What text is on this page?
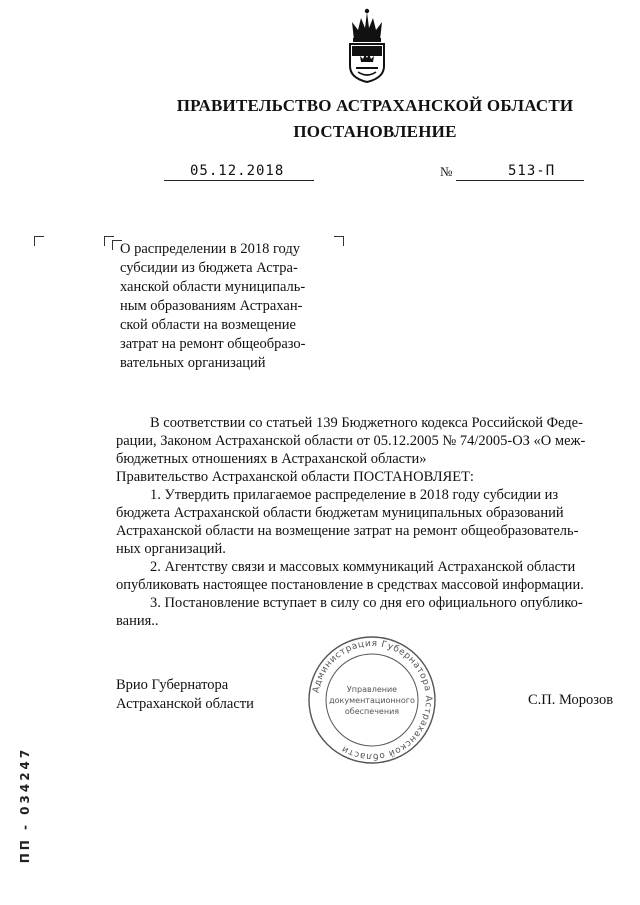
ПРАВИТЕЛЬСТВО АСТРАХАНСКОЙ ОБЛАСТИ
ПОСТАНОВЛЕНИЕ
05.12.2018	№	513-П
О распределении в 2018 году
субсидии из бюджета Астра-
ханской области муниципаль-
ным образованиям Астрахан-
ской области на возмещение
затрат на ремонт общеобразо-
вательных организаций

В соответствии со статьей 139 Бюджетного кодекса Российской Феде-

рации, Законом Астраханской области от 05.12.2005 № 74/2005-ОЗ «О меж-
бюджетных отношениях в Астраханской области»
Правительство Астраханской области ПОСТАНОВЛЯЕТ:

1. Утвердить прилагаемое распределение в 2018 году субсидии из

бюджета Астраханской области бюджетам муниципальных образований
Астраханской области на возмещение затрат на ремонт общеобразователь-
ных организаций.

2. Агентству связи и массовых коммуникаций Астраханской области

опубликовать настоящее постановление в средствах массовой информации.

3. Постановление вступает в силу со дня его официального опублико-

вания..
Врио Губернатора
Астраханской области	С.П. Морозов
Администрация Губернатора Астраханской области
Управление
документационного
обеспечения
ПП - 034247
